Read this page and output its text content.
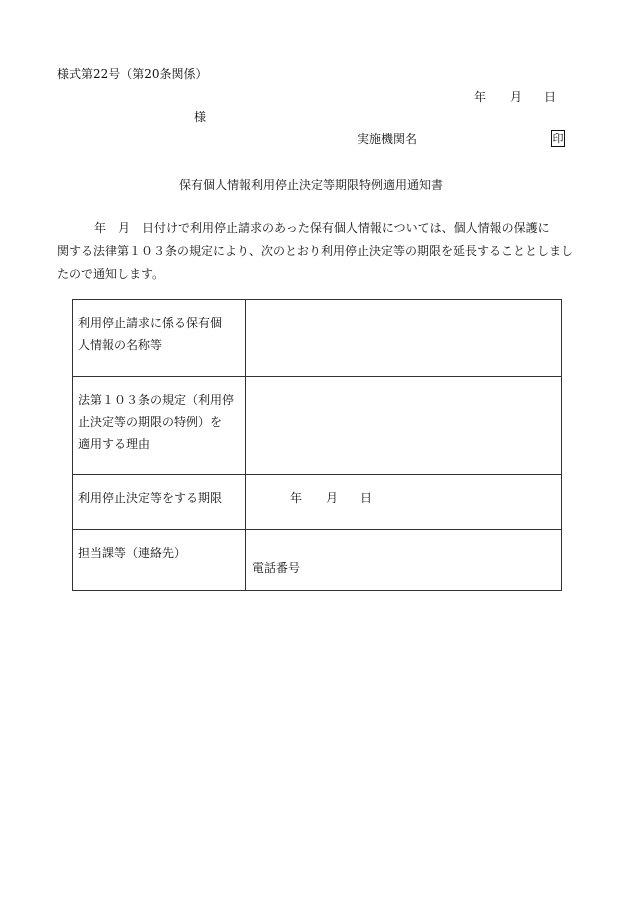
様式第22号（第20条関係）
年 月 日
様
実施機関名	印
保有個人情報利用停止決定等期限特例適用通知書
年　月　日付けで利用停止請求のあった保有個人情報については、個人情報の保護に
関する法律第１０３条の規定により、次のとおり利用停止決定等の期限を延長することとしまし
たので通知します。
利用停止請求に係る保有個
人情報の名称等	

法第１０３条の規定（利用停
止決定等の期限の特例）を
適用する理由	

利用停止決定等をする期限	年 月 日

担当課等（連絡先）	電話番号
